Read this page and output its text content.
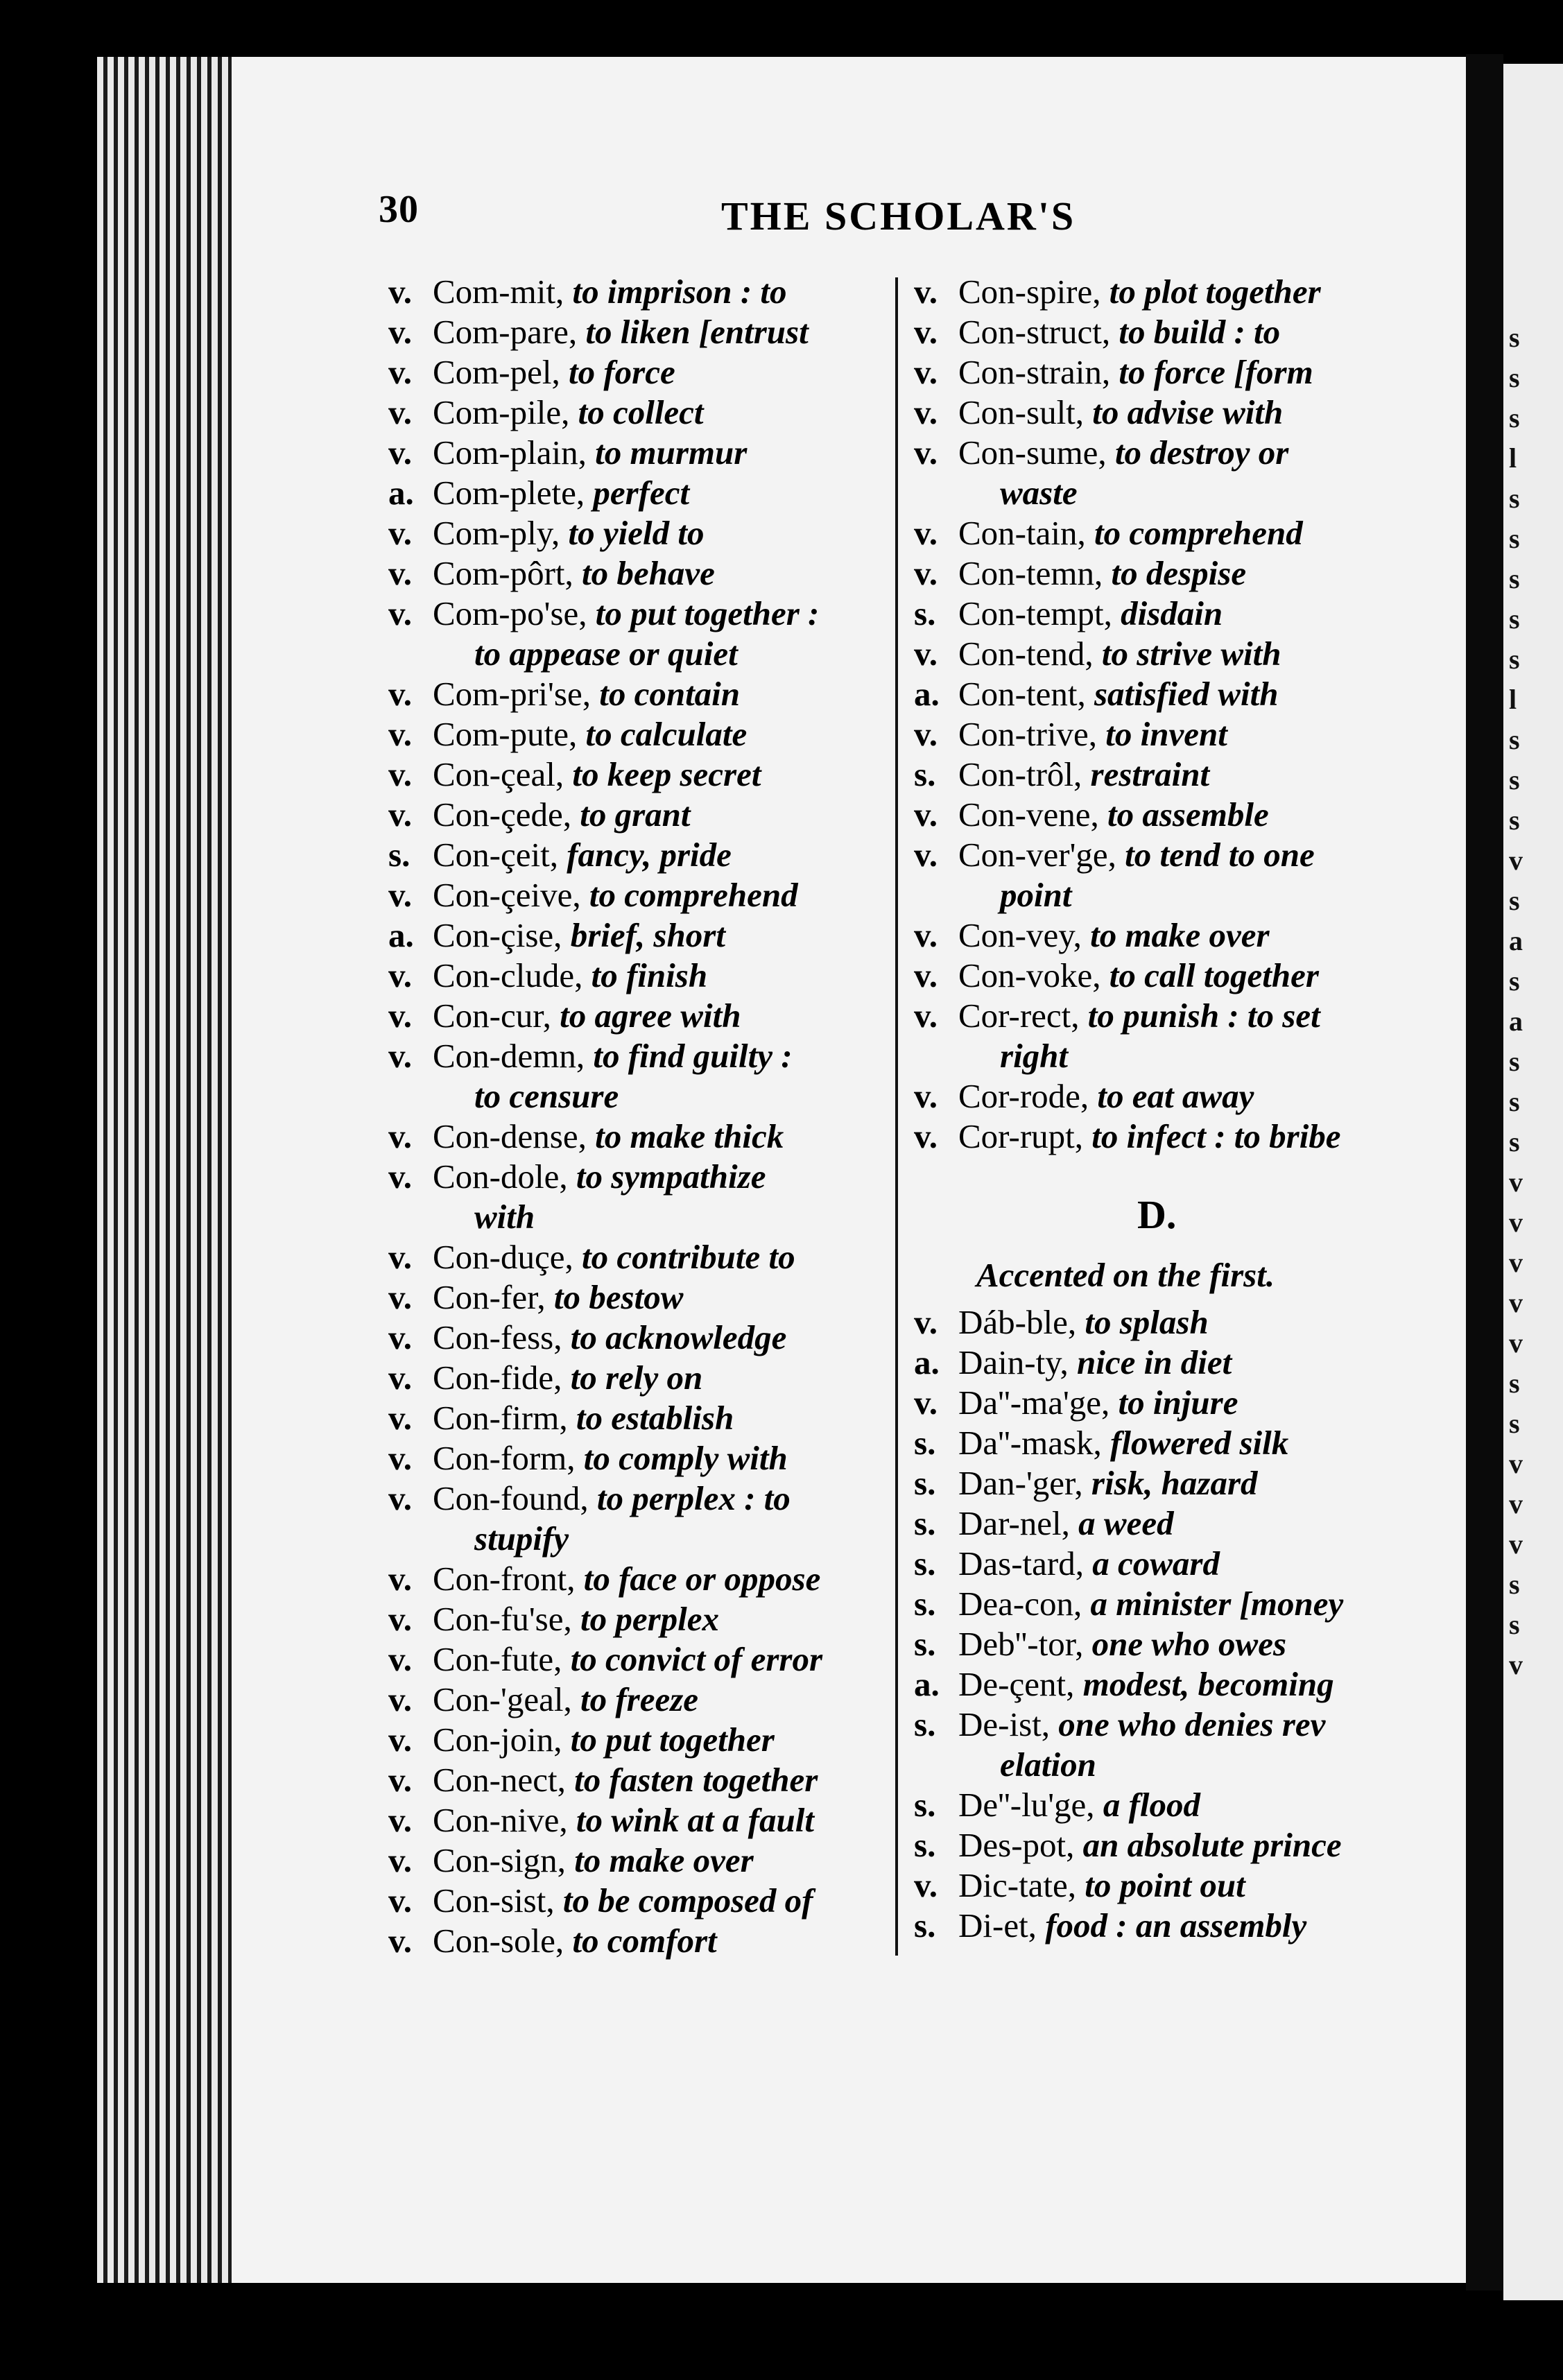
s
s
s
l
s
s
s
s
s
l
s
s
s
v
s
a
s
a
s
s
s
v
v
v
v
v
s
s
v
v
v
s
s
v
30	THE SCHOLAR'S
v. Com-mit, to imprison : to
v. Com-pare, to liken [entrust
v. Com-pel, to force
v. Com-pile, to collect
v. Com-plain, to murmur
a. Com-plete, perfect
v. Com-ply, to yield to
v. Com-pôrt, to behave
v. Com-po'se, to put together :
to appease or quiet
v. Com-pri'se, to contain
v. Com-pute, to calculate
v. Con-çeal, to keep secret
v. Con-çede, to grant
s. Con-çeit, fancy, pride
v. Con-çeive, to comprehend
a. Con-çise, brief, short
v. Con-clude, to finish
v. Con-cur, to agree with
v. Con-demn, to find guilty :
to censure
v. Con-dense, to make thick
v. Con-dole, to sympathize
with
v. Con-duçe, to contribute to
v. Con-fer, to bestow
v. Con-fess, to acknowledge
v. Con-fide, to rely on
v. Con-firm, to establish
v. Con-form, to comply with
v. Con-found, to perplex : to
stupify
v. Con-front, to face or oppose
v. Con-fu'se, to perplex
v. Con-fute, to convict of error
v. Con-'geal, to freeze
v. Con-join, to put together
v. Con-nect, to fasten together
v. Con-nive, to wink at a fault
v. Con-sign, to make over
v. Con-sist, to be composed of
v. Con-sole, to comfort
v. Con-spire, to plot together
v. Con-struct, to build : to
v. Con-strain, to force [form
v. Con-sult, to advise with
v. Con-sume, to destroy or
waste
v. Con-tain, to comprehend
v. Con-temn, to despise
s. Con-tempt, disdain
v. Con-tend, to strive with
a. Con-tent, satisfied with
v. Con-trive, to invent
s. Con-trôl, restraint
v. Con-vene, to assemble
v. Con-ver'ge, to tend to one
point
v. Con-vey, to make over
v. Con-voke, to call together
v. Cor-rect, to punish : to set
right
v. Cor-rode, to eat away
v. Cor-rupt, to infect : to bribe
D.
Accented on the first.
v. Dáb-ble, to splash
a. Dain-ty, nice in diet
v. Da''-ma'ge, to injure
s. Da''-mask, flowered silk
s. Dan-'ger, risk, hazard
s. Dar-nel, a weed
s. Das-tard, a coward
s. Dea-con, a minister [money
s. Deb''-tor, one who owes
a. De-çent, modest, becoming
s. De-ist, one who denies rev
elation
s. De''-lu'ge, a flood
s. Des-pot, an absolute prince
v. Dic-tate, to point out
s. Di-et, food : an assembly
